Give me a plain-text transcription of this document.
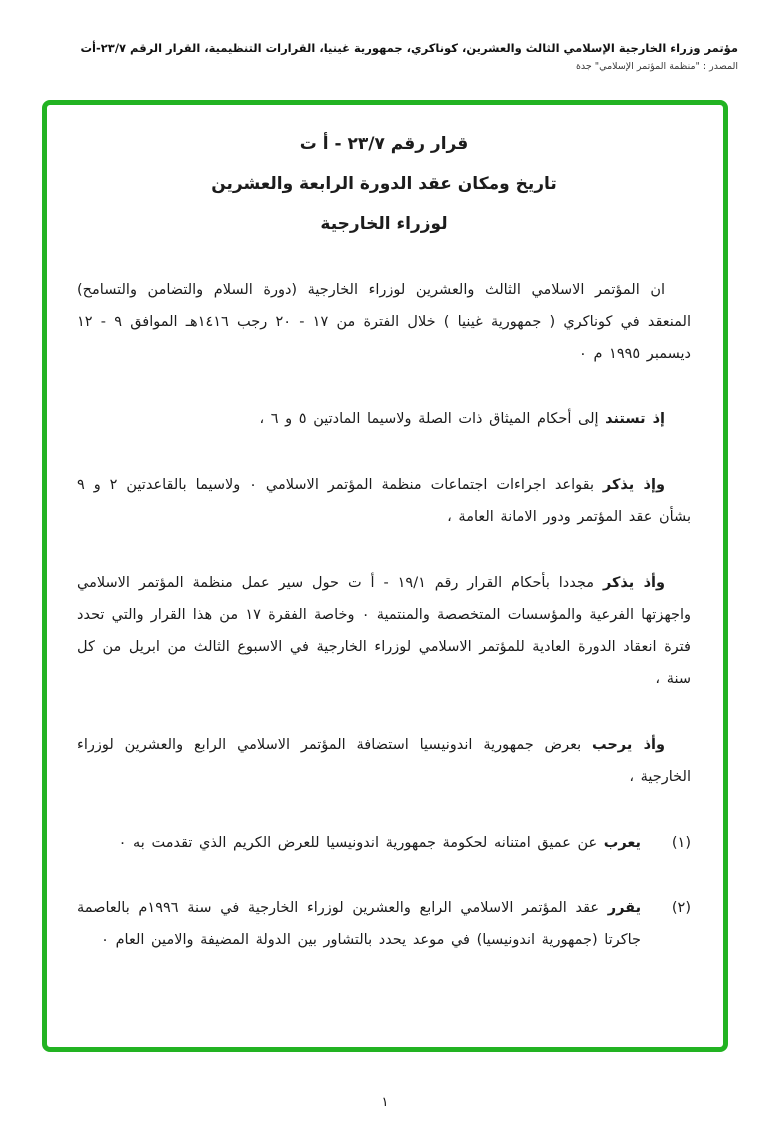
مؤتمر وزراء الخارجية الإسلامي الثالث والعشرين، كوناكري، جمهورية غينيا، القرارات التنظيمية، القرار الرقم ٢٣/٧-أت
المصدر : "منظمة المؤتمر الإسلامي" جدة
قرار رقم ٢٣/٧ - أ ت
تاريخ ومكان عقد الدورة الرابعة والعشرين
لوزراء الخارجية

ان المؤتمر الاسلامي الثالث والعشرين لوزراء الخارجية (دورة السلام والتضامن والتسامح) المنعقد في كوناكري ( جمهورية غينيا ) خلال الفترة من ١٧ - ٢٠ رجب ١٤١٦هـ الموافق ٩ - ١٢ ديسمبر ١٩٩٥ م ٠

إذ تستند إلى أحكام الميثاق ذات الصلة ولاسيما المادتين ٥ و ٦ ،

وإذ يذكر بقواعد اجراءات اجتماعات منظمة المؤتمر الاسلامي ٠ ولاسيما بالقاعدتين ٢ و ٩ بشأن عقد المؤتمر ودور الامانة العامة ،

وأذ يذكر مجددا بأحكام القرار رقم ١٩/١ - أ ت حول سير عمل منظمة المؤتمر الاسلامي واجهزتها الفرعية والمؤسسات المتخصصة والمنتمية ٠ وخاصة الفقرة ١٧ من هذا القرار والتي تحدد فترة انعقاد الدورة العادية للمؤتمر الاسلامي لوزراء الخارجية في الاسبوع الثالث من ابريل من كل سنة ،

وأذ يرحب بعرض جمهورية اندونيسيا استضافة المؤتمر الاسلامي الرابع والعشرين لوزراء الخارجية ،

(١)
يعرب عن عميق امتنانه لحكومة جمهورية اندونيسيا للعرض الكريم الذي تقدمت به ٠
(٢)
يقرر عقد المؤتمر الاسلامي الرابع والعشرين لوزراء الخارجية في سنة ١٩٩٦م بالعاصمة جاكرتا (جمهورية اندونيسيا) في موعد يحدد بالتشاور بين الدولة المضيفة والامين العام ٠
١
